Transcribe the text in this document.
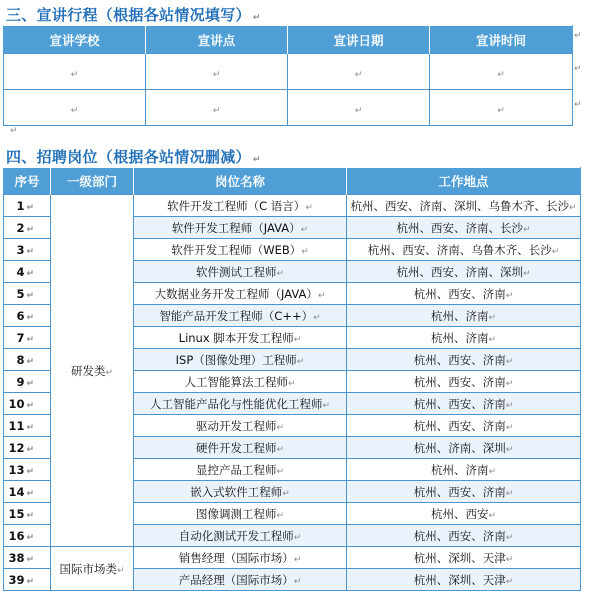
三、宣讲行程（根据各站情况填写） ↵
宣讲学校	宣讲点	宣讲日期	宣讲时间
↵	↵	↵	↵
↵	↵	↵	↵
↵
↵
↵
↵
四、招聘岗位（根据各站情况删减） ↵
序号	一级部门	岗位名称	工作地点
1 ↵	研发类↵	软件开发工程师（C 语言）↵	杭州、西安、济南、深圳、乌鲁木齐、长沙↵
2 ↵		软件开发工程师（JAVA）↵	杭州、西安、济南、长沙↵
3 ↵		软件开发工程师（WEB）↵	杭州、西安、济南、乌鲁木齐、长沙↵
4 ↵		软件测试工程师↵	杭州、西安、济南、深圳↵
5 ↵		大数据业务开发工程师（JAVA）↵	杭州、西安、济南↵
6 ↵		智能产品开发工程师（C++）↵	杭州、济南↵
7 ↵		Linux 脚本开发工程师↵	杭州、济南↵
8 ↵		ISP（图像处理）工程师↵	杭州、西安、济南↵
9 ↵		人工智能算法工程师↵	杭州、西安、济南↵
10 ↵		人工智能产品化与性能优化工程师↵	杭州、西安、济南↵
11 ↵		驱动开发工程师↵	杭州、西安、济南↵
12 ↵		硬件开发工程师↵	杭州、济南、深圳↵
13 ↵		显控产品工程师↵	杭州、济南↵
14 ↵		嵌入式软件工程师↵	杭州、西安、济南↵
15 ↵		图像调测工程师↵	杭州、西安↵
16 ↵		自动化测试开发工程师↵	杭州、西安、济南↵
38 ↵	国际市场类↵	销售经理（国际市场）↵	杭州、深圳、天津↵
39 ↵		产品经理（国际市场）↵	杭州、深圳、天津↵
